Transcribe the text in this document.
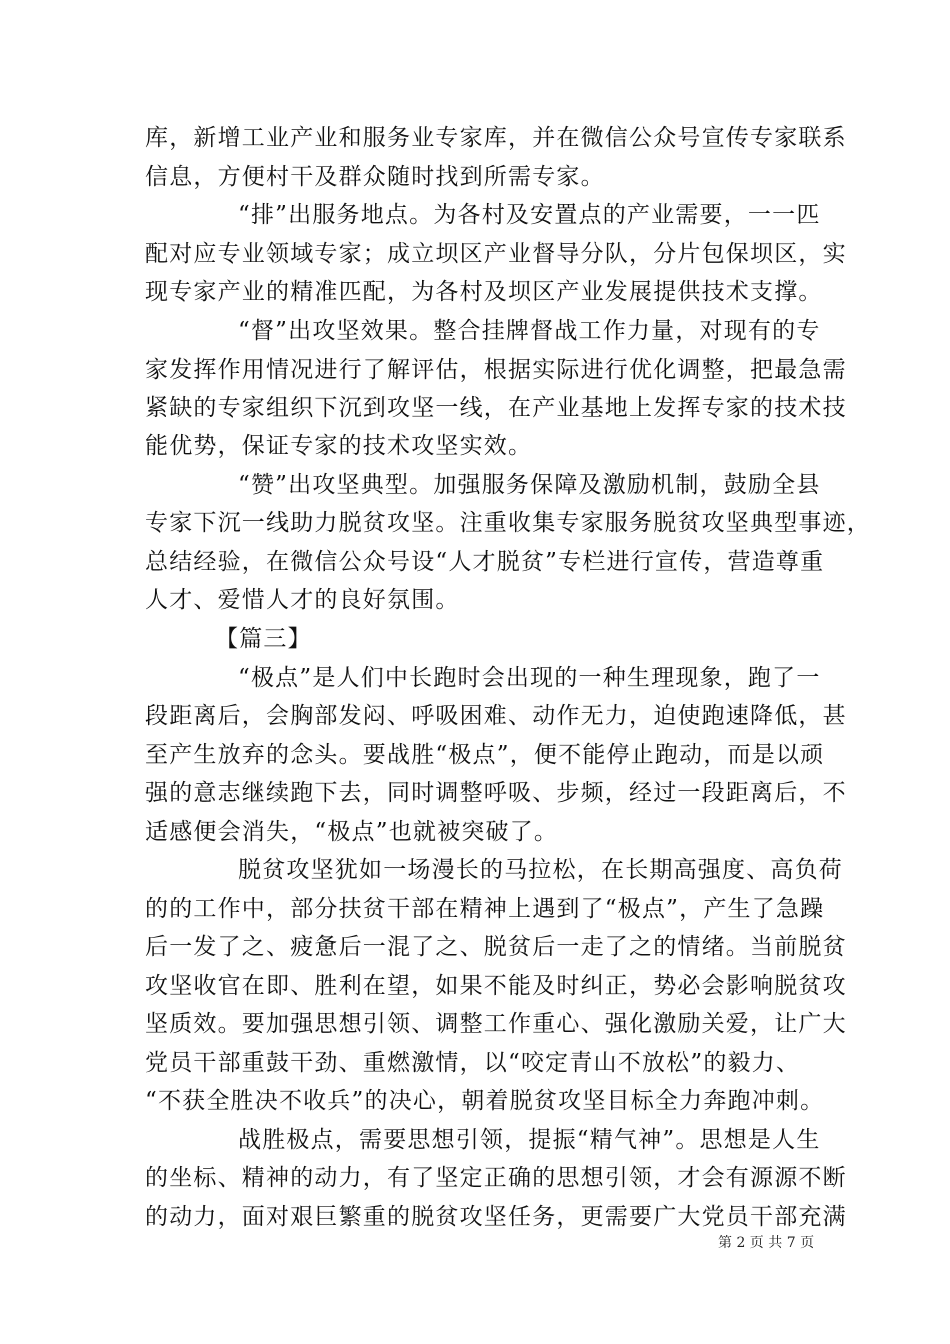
库，新增工业产业和服务业专家库，并在微信公众号宣传专家联系
信息，方便村干及群众随时找到所需专家。
“排”出服务地点。为各村及安置点的产业需要，一一匹
配对应专业领域专家；成立坝区产业督导分队，分片包保坝区，实
现专家产业的精准匹配，为各村及坝区产业发展提供技术支撑。
“督”出攻坚效果。整合挂牌督战工作力量，对现有的专
家发挥作用情况进行了解评估，根据实际进行优化调整，把最急需
紧缺的专家组织下沉到攻坚一线，在产业基地上发挥专家的技术技
能优势，保证专家的技术攻坚实效。
“赞”出攻坚典型。加强服务保障及激励机制，鼓励全县
专家下沉一线助力脱贫攻坚。注重收集专家服务脱贫攻坚典型事迹，
总结经验，在微信公众号设“人才脱贫”专栏进行宣传，营造尊重
人才、爱惜人才的良好氛围。
【篇三】
“极点”是人们中长跑时会出现的一种生理现象，跑了一
段距离后，会胸部发闷、呼吸困难、动作无力，迫使跑速降低，甚
至产生放弃的念头。要战胜“极点”，便不能停止跑动，而是以顽
强的意志继续跑下去，同时调整呼吸、步频，经过一段距离后，不
适感便会消失，“极点”也就被突破了。
脱贫攻坚犹如一场漫长的马拉松，在长期高强度、高负荷
的的工作中，部分扶贫干部在精神上遇到了“极点”，产生了急躁
后一发了之、疲惫后一混了之、脱贫后一走了之的情绪。当前脱贫
攻坚收官在即、胜利在望，如果不能及时纠正，势必会影响脱贫攻
坚质效。要加强思想引领、调整工作重心、强化激励关爱，让广大
党员干部重鼓干劲、重燃激情，以“咬定青山不放松”的毅力、
“不获全胜决不收兵”的决心，朝着脱贫攻坚目标全力奔跑冲刺。
战胜极点，需要思想引领，提振“精气神”。思想是人生
的坐标、精神的动力，有了坚定正确的思想引领，才会有源源不断
的动力，面对艰巨繁重的脱贫攻坚任务，更需要广大党员干部充满
第 2 页 共 7 页
